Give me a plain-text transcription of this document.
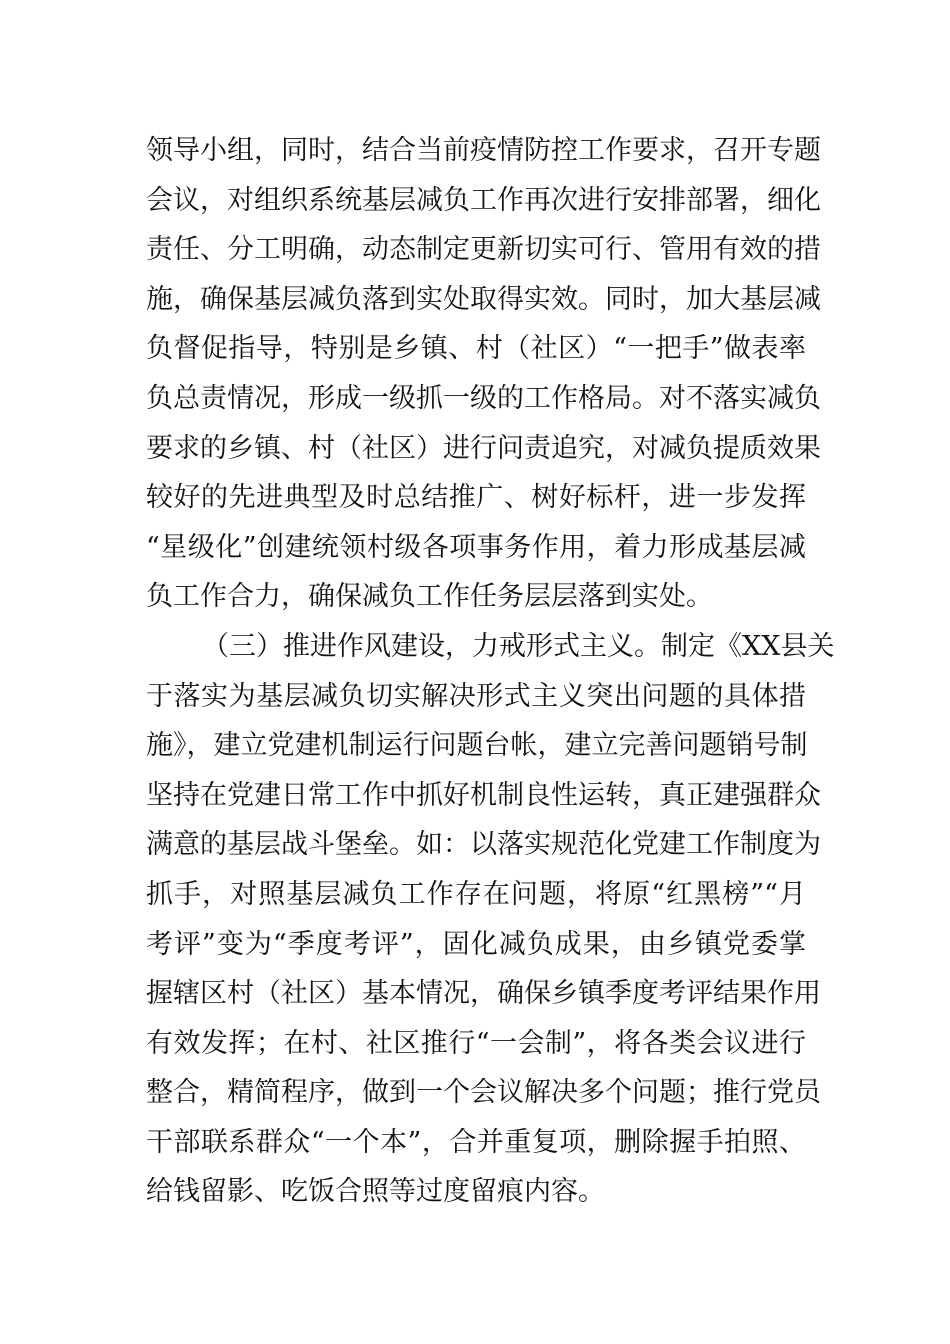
领导小组，同时，结合当前疫情防控工作要求，召开专题
会议，对组织系统基层减负工作再次进行安排部署，细化
责任、分工明确，动态制定更新切实可行、管用有效的措
施，确保基层减负落到实处取得实效。同时，加大基层减
负督促指导，特别是乡镇、村（社区）“一把手”做表率
负总责情况，形成一级抓一级的工作格局。对不落实减负
要求的乡镇、村（社区）进行问责追究，对减负提质效果
较好的先进典型及时总结推广、树好标杆，进一步发挥
“星级化”创建统领村级各项事务作用，着力形成基层减
负工作合力，确保减负工作任务层层落到实处。
（三）推进作风建设，力戒形式主义。制定《XX县关
于落实为基层减负切实解决形式主义突出问题的具体措
施》，建立党建机制运行问题台帐，建立完善问题销号制
坚持在党建日常工作中抓好机制良性运转，真正建强群众
满意的基层战斗堡垒。如：以落实规范化党建工作制度为
抓手，对照基层减负工作存在问题，将原“红黑榜”“月
考评”变为“季度考评”，固化减负成果，由乡镇党委掌
握辖区村（社区）基本情况，确保乡镇季度考评结果作用
有效发挥；在村、社区推行“一会制”，将各类会议进行
整合，精简程序，做到一个会议解决多个问题；推行党员
干部联系群众“一个本”，合并重复项，删除握手拍照、
给钱留影、吃饭合照等过度留痕内容。
